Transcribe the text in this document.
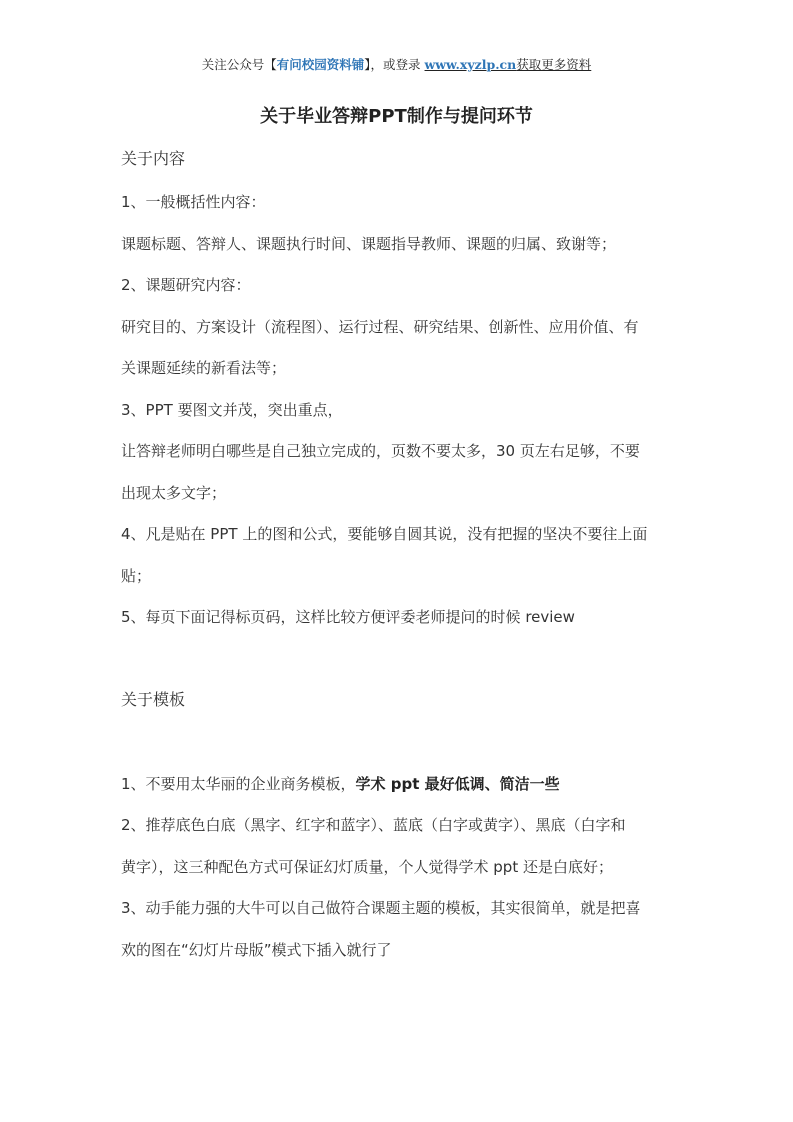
关注公众号【有问校园资料铺】，或登录 www.xyzlp.cn获取更多资料
关于毕业答辩PPT制作与提问环节
关于内容
1、一般概括性内容：
课题标题、答辩人、课题执行时间、课题指导教师、课题的归属、致谢等；
2、课题研究内容：
研究目的、方案设计（流程图）、运行过程、研究结果、创新性、应用价值、有
关课题延续的新看法等；
3、PPT 要图文并茂，突出重点，
让答辩老师明白哪些是自己独立完成的，页数不要太多，30 页左右足够，不要
出现太多文字；
4、凡是贴在 PPT 上的图和公式，要能够自圆其说，没有把握的坚决不要往上面
贴；
5、每页下面记得标页码，这样比较方便评委老师提问的时候 review
关于模板
1、不要用太华丽的企业商务模板，学术 ppt 最好低调、简洁一些
2、推荐底色白底（黑字、红字和蓝字）、蓝底（白字或黄字）、黑底（白字和
黄字），这三种配色方式可保证幻灯质量，个人觉得学术 ppt 还是白底好；
3、动手能力强的大牛可以自己做符合课题主题的模板，其实很简单，就是把喜
欢的图在“幻灯片母版”模式下插入就行了
